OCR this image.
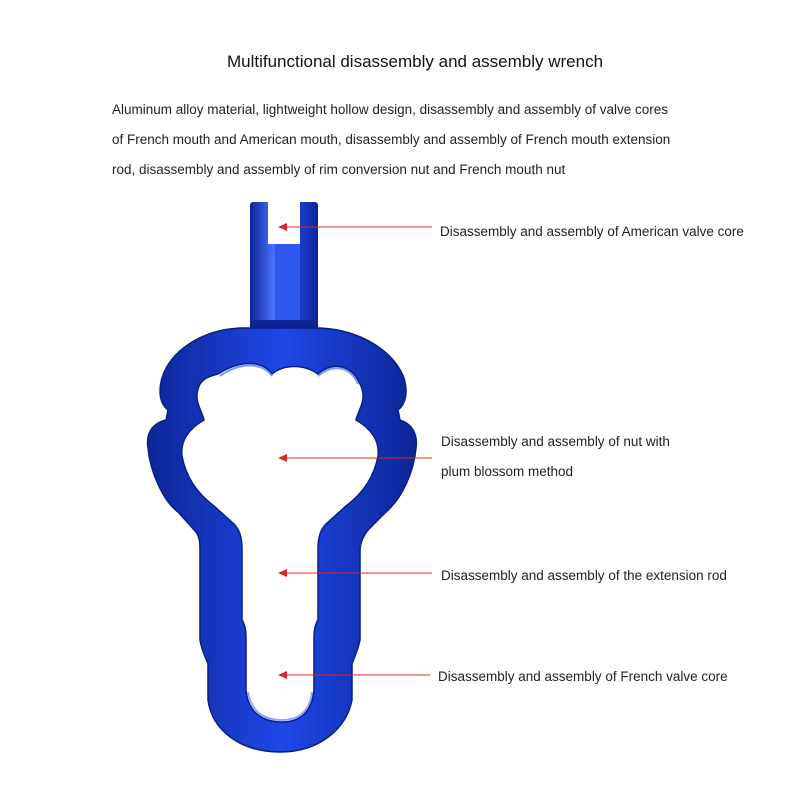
Multifunctional disassembly and assembly wrench
Aluminum alloy material, lightweight hollow design, disassembly and assembly of valve cores
of French mouth and American mouth, disassembly and assembly of French mouth extension
rod, disassembly and assembly of rim conversion nut and French mouth nut
Disassembly and assembly of American valve core
Disassembly and assembly of nut with
plum blossom method
Disassembly and assembly of the extension rod
Disassembly and assembly of French valve core
